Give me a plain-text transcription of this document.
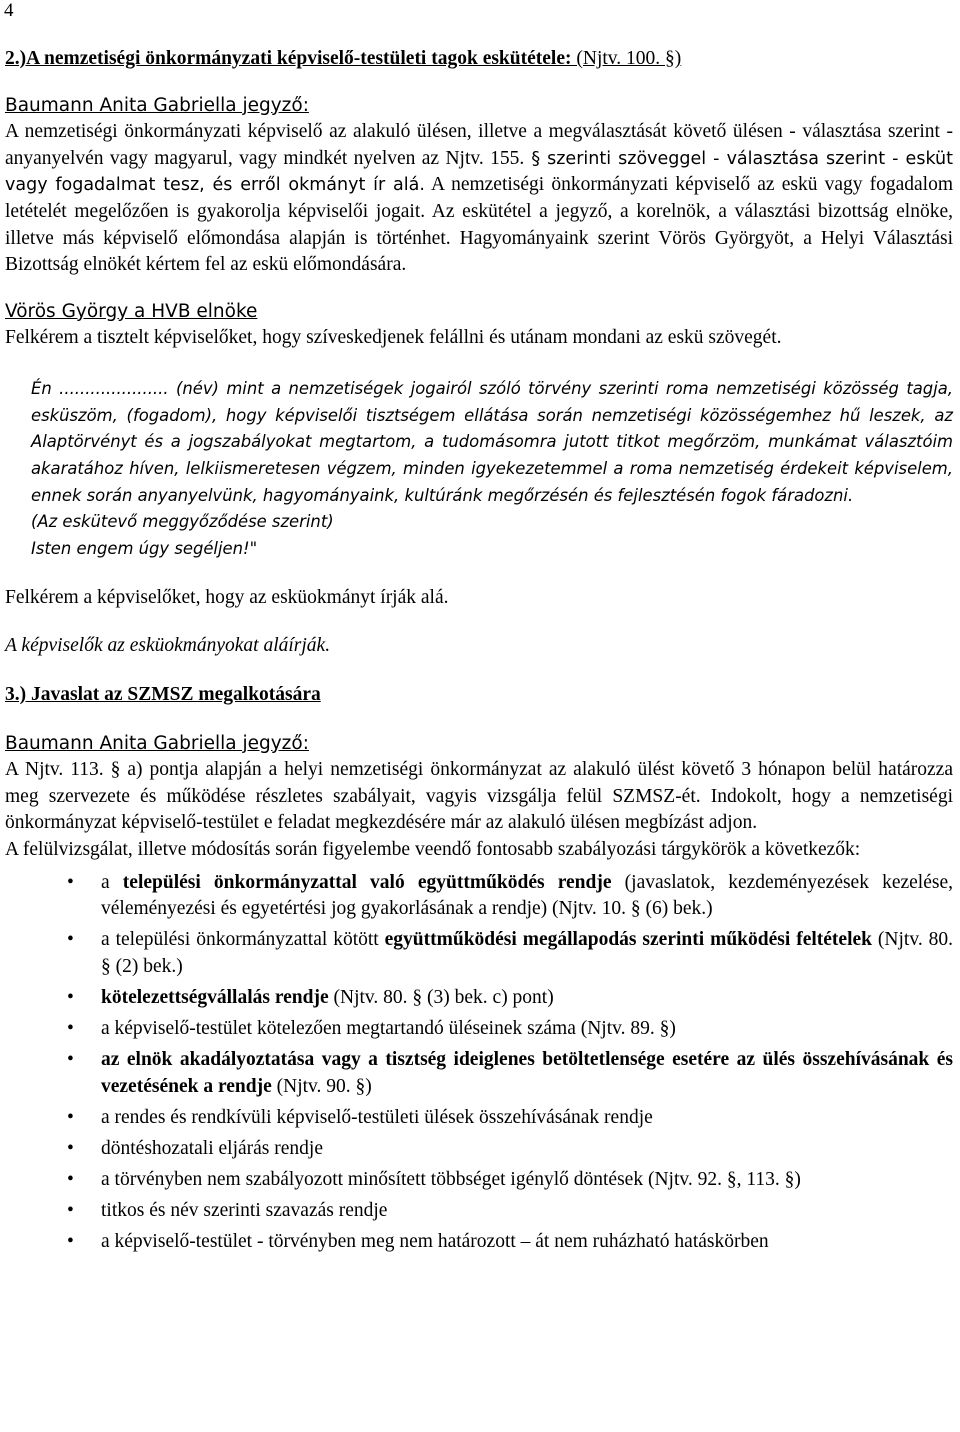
4

2.)A nemzetiségi önkormányzati képviselő-testületi tagok eskütétele: (Njtv. 100. §)

Baumann Anita Gabriella jegyző:

A nemzetiségi önkormányzati képviselő az alakuló ülésen, illetve a megválasztását követő ülésen - választása szerint - anyanyelvén vagy magyarul, vagy mindkét nyelven az Njtv. 155. § szerinti szöveggel - választása szerint - esküt vagy fogadalmat tesz, és erről okmányt ír alá. A nemzetiségi önkormányzati képviselő az eskü vagy fogadalom letételét megelőzően is gyakorolja képviselői jogait. Az eskütétel a jegyző, a korelnök, a választási bizottság elnöke, illetve más képviselő előmondása alapján is történhet. Hagyományaink szerint Vörös Györgyöt, a Helyi Választási Bizottság elnökét kértem fel az eskü előmondására.

Vörös György a HVB elnöke

Felkérem a tisztelt képviselőket, hogy szíveskedjenek felállni és utánam mondani az eskü szövegét.

Én ..................... (név) mint a nemzetiségek jogairól szóló törvény szerinti roma nemzetiségi közösség tagja, esküszöm, (fogadom), hogy képviselői tisztségem ellátása során nemzetiségi közösségemhez hű leszek, az Alaptörvényt és a jogszabályokat megtartom, a tudomásomra jutott titkot megőrzöm, munkámat választóim akaratához híven, lelkiismeretesen végzem, minden igyekezetemmel a roma nemzetiség érdekeit képviselem, ennek során anyanyelvünk, hagyományaink, kultúránk megőrzésén és fejlesztésén fogok fáradozni.

(Az eskütevő meggyőződése szerint)

Isten engem úgy segéljen!"

Felkérem a képviselőket, hogy az esküokmányt írják alá.

A képviselők az esküokmányokat aláírják.

3.) Javaslat az SZMSZ megalkotására

Baumann Anita Gabriella jegyző:

A Njtv. 113. § a) pontja alapján a helyi nemzetiségi önkormányzat az alakuló ülést követő 3 hónapon belül határozza meg szervezete és működése részletes szabályait, vagyis vizsgálja felül SZMSZ-ét. Indokolt, hogy a nemzetiségi önkormányzat képviselő-testület e feladat megkezdésére már az alakuló ülésen megbízást adjon.

A felülvizsgálat, illetve módosítás során figyelembe veendő fontosabb szabályozási tárgykörök a következők:

• a települési önkormányzattal való együttműködés rendje (javaslatok, kezdeményezések kezelése, véleményezési és egyetértési jog gyakorlásának a rendje) (Njtv. 10. § (6) bek.)
• a települési önkormányzattal kötött együttműködési megállapodás szerinti működési feltételek (Njtv. 80. § (2) bek.)
• kötelezettségvállalás rendje (Njtv. 80. § (3) bek. c) pont)
• a képviselő-testület kötelezően megtartandó üléseinek száma (Njtv. 89. §)
• az elnök akadályoztatása vagy a tisztség ideiglenes betöltetlensége esetére az ülés összehívásának és vezetésének a rendje (Njtv. 90. §)
• a rendes és rendkívüli képviselő-testületi ülések összehívásának rendje
• döntéshozatali eljárás rendje
• a törvényben nem szabályozott minősített többséget igénylő döntések (Njtv. 92. §, 113. §)
• titkos és név szerinti szavazás rendje
• a képviselő-testület - törvényben meg nem határozott – át nem ruházható hatáskörben
